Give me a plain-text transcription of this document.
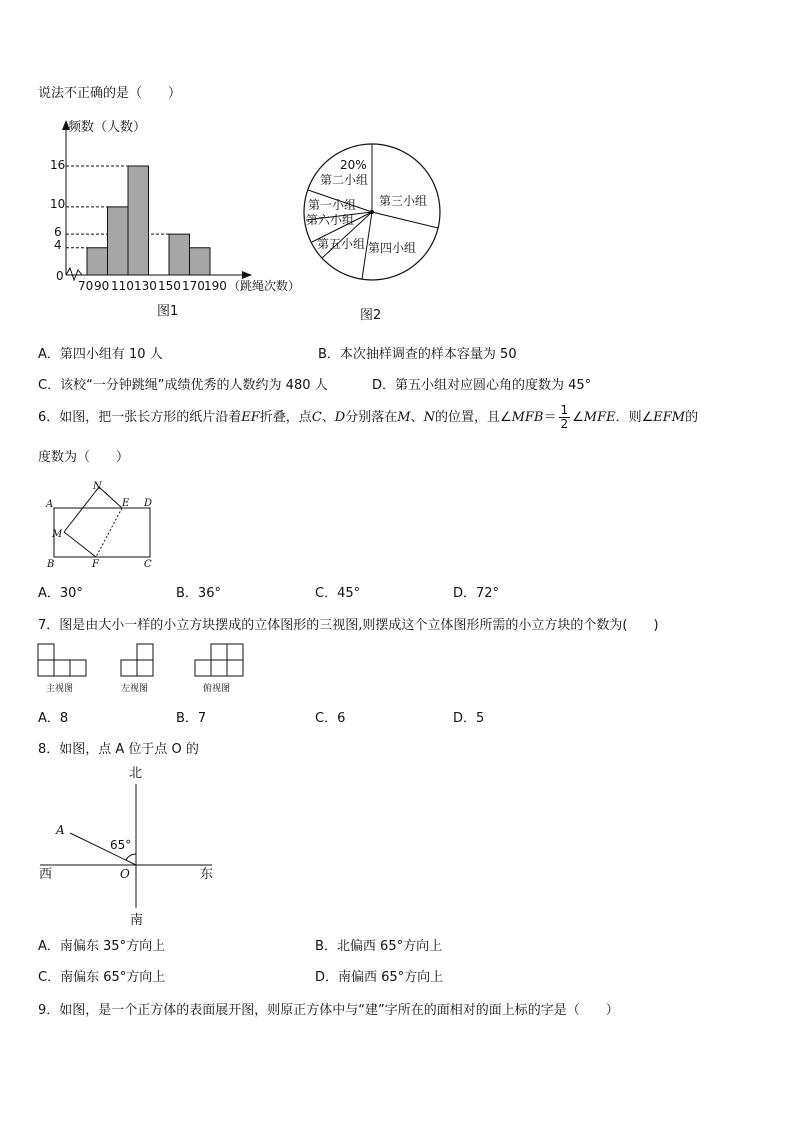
说法不正确的是（　　）
频数（人数）
16
10
6
4
0
70 90 110 130 150 170 190 （跳绳次数）
图1
20%
第二小组
第一小组
第六小组
第三小组
第五小组 第四小组
图2
A．第四小组有 10 人	B．本次抽样调查的样本容量为 50
C．该校“一分钟跳绳”成绩优秀的人数约为 480 人	D．第五小组对应圆心角的度数为 45°
6．如图，把一张长方形的纸片沿着EF折叠，点C、D分别落在M、N的位置，且∠MFB＝ $\frac{1}{2}$ ∠MFE．则∠EFM的
度数为（　　）
A
N
E D
M
B	F	C
A．30°	B．36°	C．45°	D．72°
7．图是由大小一样的小立方块摆成的立体图形的三视图,则摆成这个立体图形所需的小立方块的个数为(　　)
主视图	左视图	俯视图
A．8	B．7	C．6	D．5
8．如图，点 A 位于点 O 的
北
南
西	东
O
A
65°
A．南偏东 35°方向上	B．北偏西 65°方向上
C．南偏东 65°方向上	D．南偏西 65°方向上
9．如图，是一个正方体的表面展开图，则原正方体中与“建”字所在的面相对的面上标的字是（　　）
